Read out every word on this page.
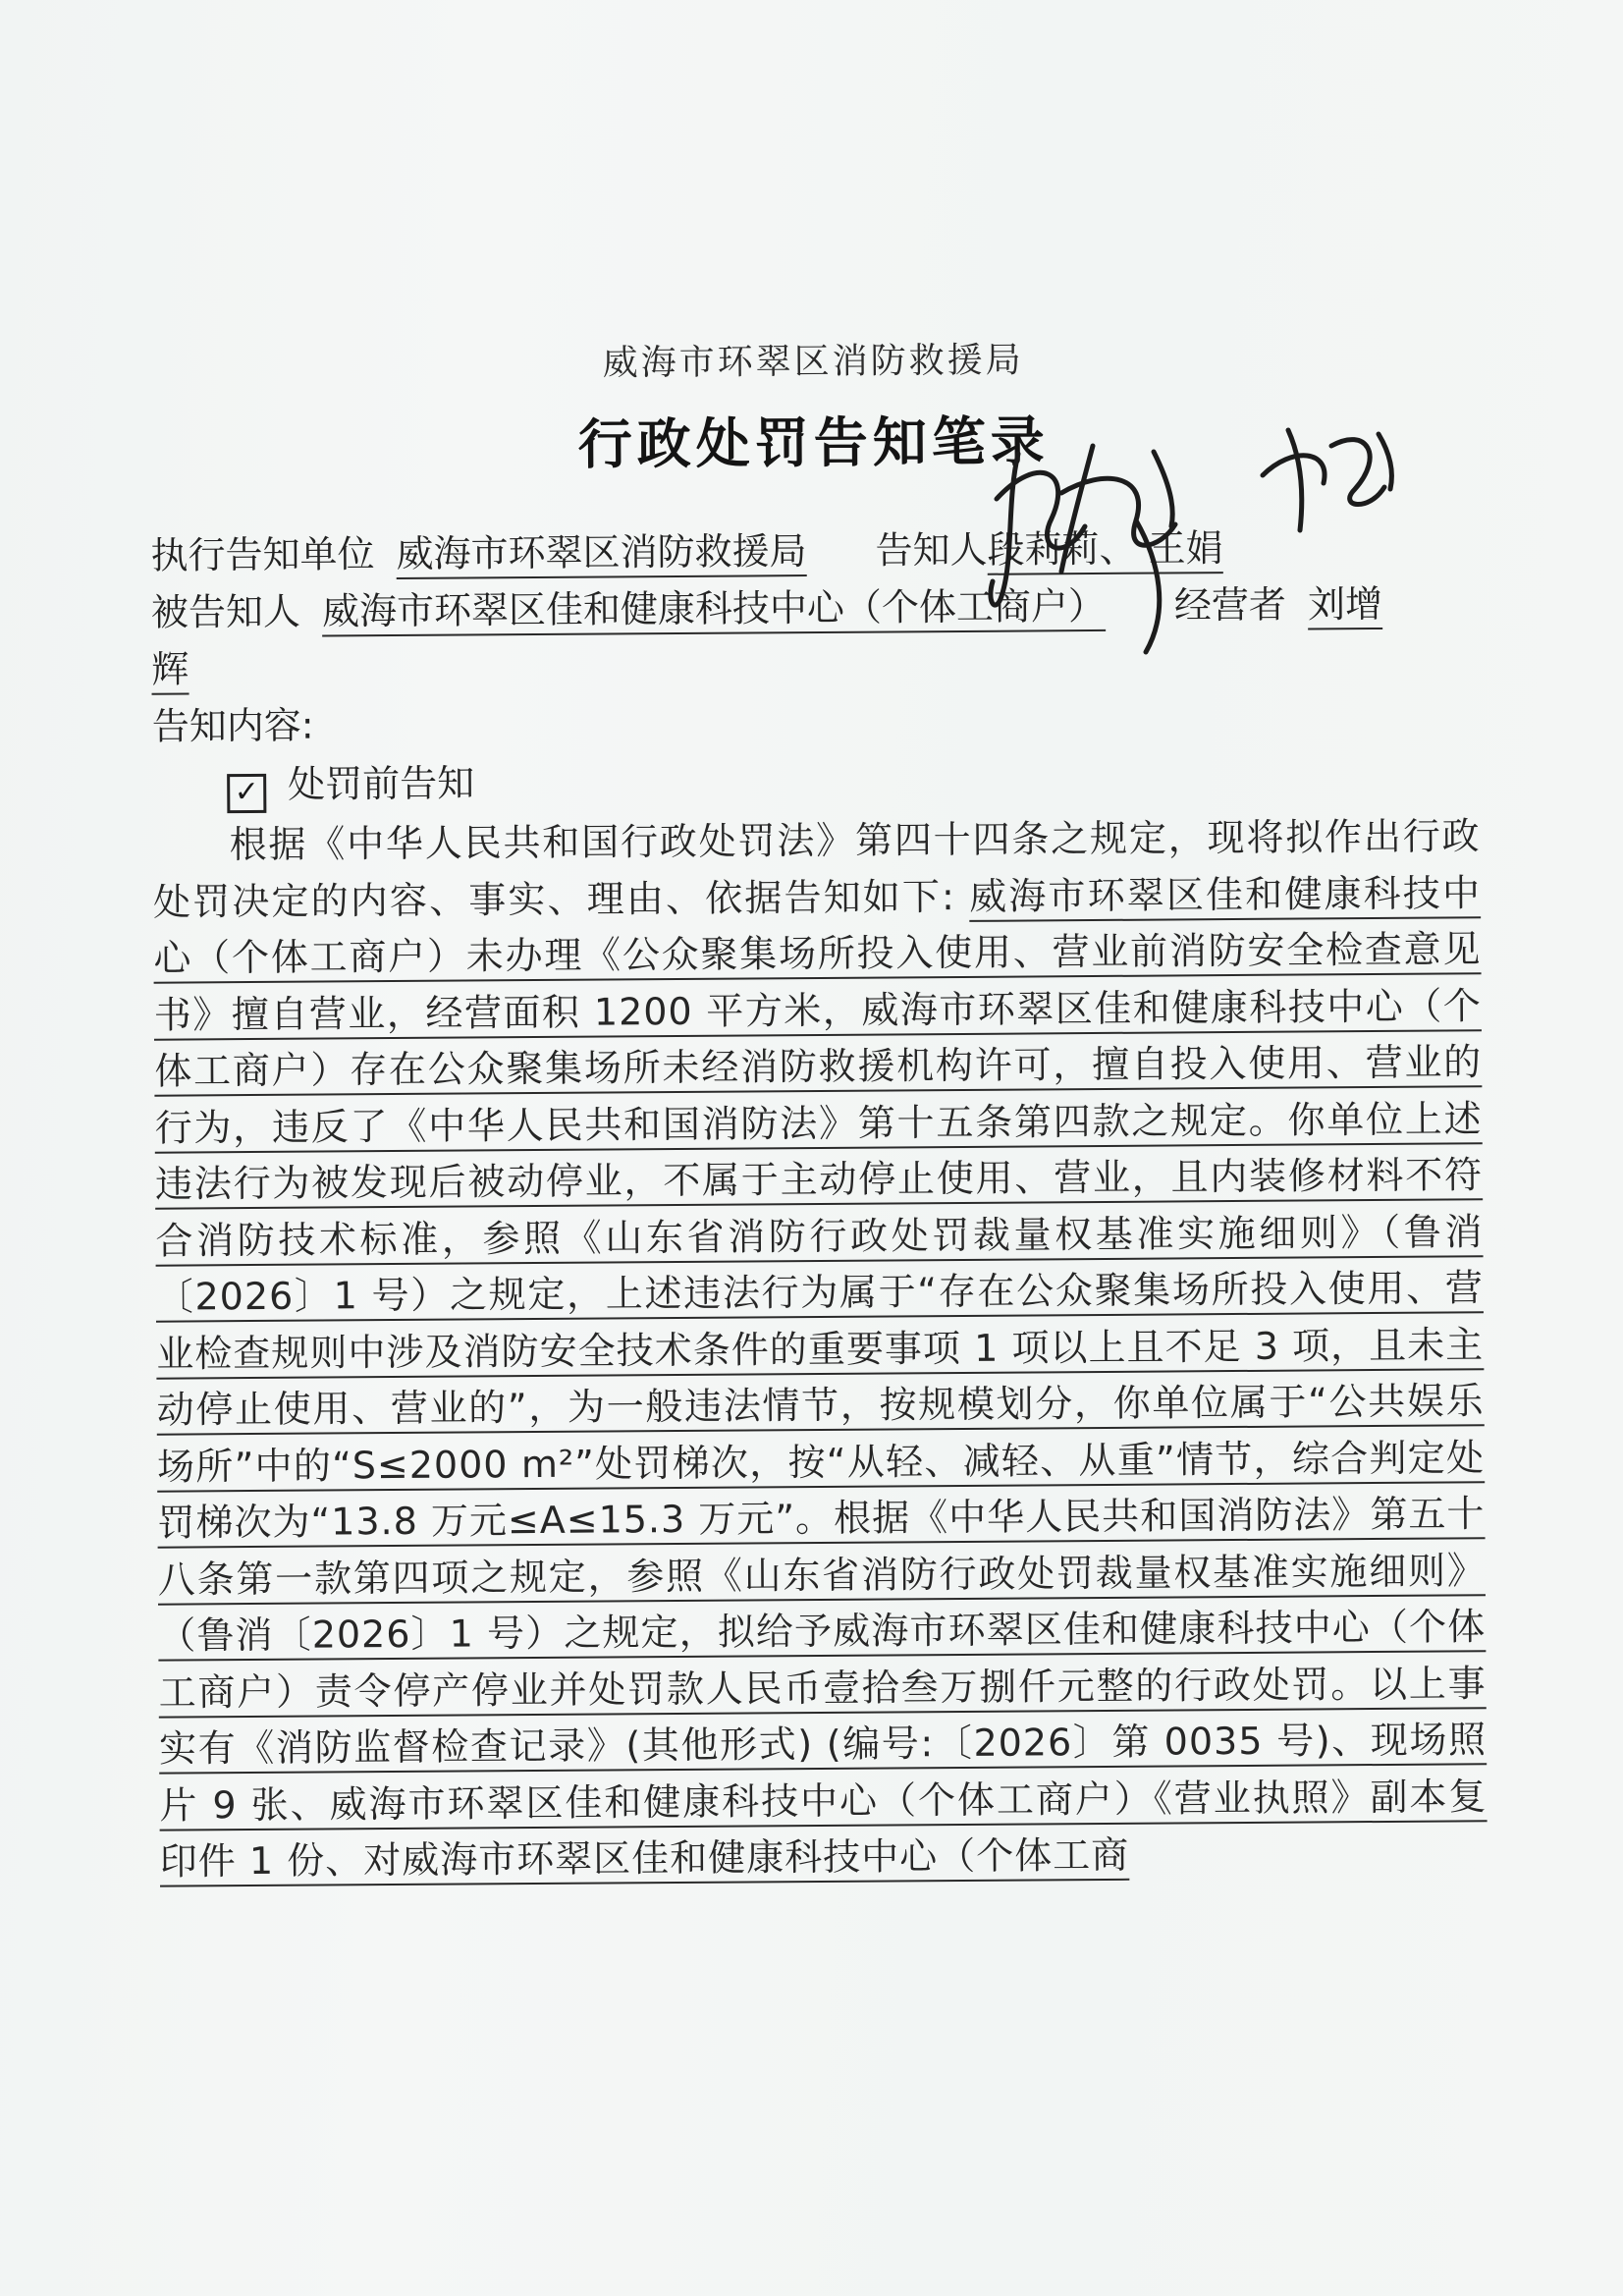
威海市环翠区消防救援局
行政处罚告知笔录
执行告知单位 威海市环翠区消防救援局 告知人段莉莉、 王娟
被告知人 威海市环翠区佳和健康科技中心（个体工商户） 经营者 刘增
辉
告知内容:
✓ 处罚前告知

根据《中华人民共和国行政处罚法》第四十四条之规定，现将拟作出行政处罚决定的内容、事实、理由、依据告知如下: 威海市环翠区佳和健康科技中心（个体工商户）未办理《公众聚集场所投入使用、营业前消防安全检查意见书》擅自营业，经营面积 1200 平方米，威海市环翠区佳和健康科技中心（个体工商户）存在公众聚集场所未经消防救援机构许可，擅自投入使用、营业的行为，违反了《中华人民共和国消防法》第十五条第四款之规定。你单位上述违法行为被发现后被动停业，不属于主动停止使用、营业，且内装修材料不符合消防技术标准，参照《山东省消防行政处罚裁量权基准实施细则》（鲁消〔2026〕1 号）之规定，上述违法行为属于“存在公众聚集场所投入使用、营业检查规则中涉及消防安全技术条件的重要事项 1 项以上且不足 3 项，且未主动停止使用、营业的”，为一般违法情节，按规模划分，你单位属于“公共娱乐场所”中的“S≤2000 m²”处罚梯次，按“从轻、减轻、从重”情节，综合判定处罚梯次为“13.8 万元≤A≤15.3 万元”。根据《中华人民共和国消防法》第五十八条第一款第四项之规定，参照《山东省消防行政处罚裁量权基准实施细则》（鲁消〔2026〕1 号）之规定，拟给予威海市环翠区佳和健康科技中心（个体工商户）责令停产停业并处罚款人民币壹拾叁万捌仟元整的行政处罚。以上事实有《消防监督检查记录》(其他形式) (编号:〔2026〕第 0035 号)、现场照片 9 张、威海市环翠区佳和健康科技中心（个体工商户）《营业执照》副本复印件 1 份、对威海市环翠区佳和健康科技中心（个体工商
